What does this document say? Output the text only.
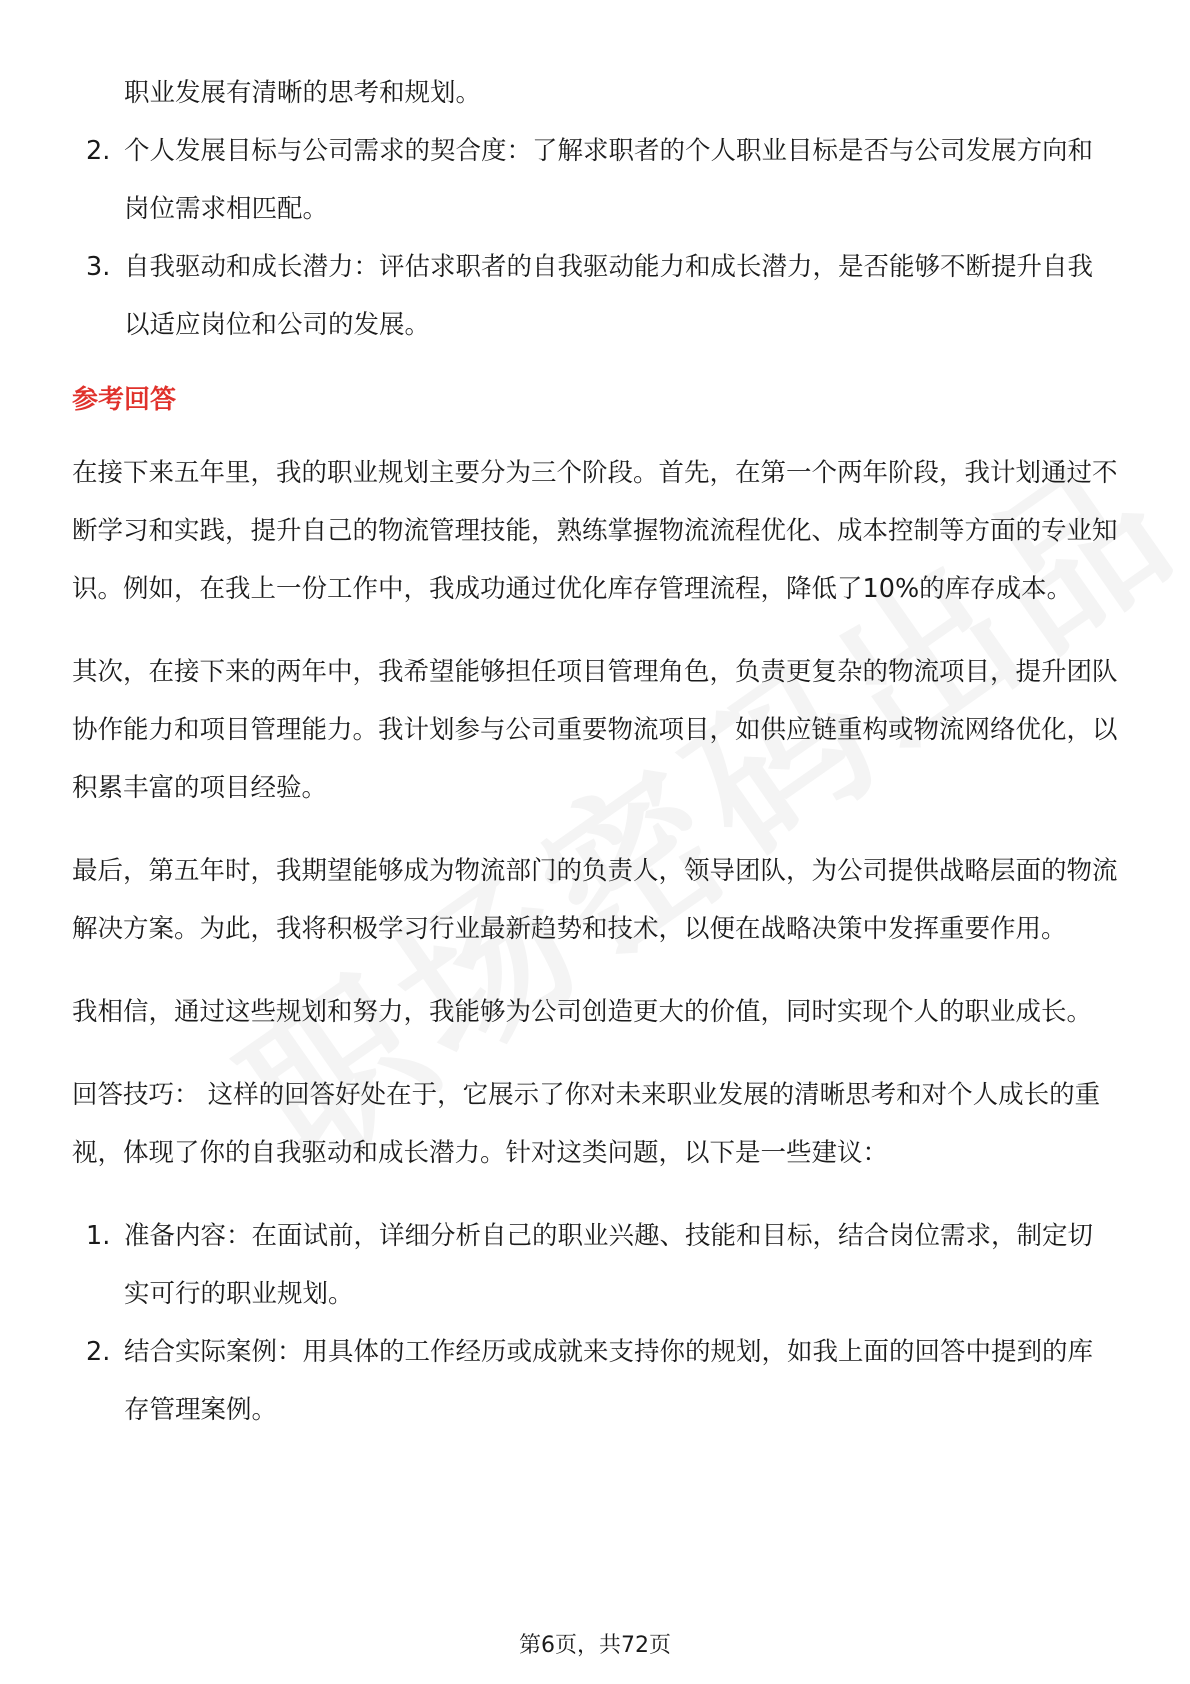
职业发展有清晰的思考和规划。

2. 个人发展目标与公司需求的契合度：了解求职者的个人职业目标是否与公司发展方向和岗位需求相匹配。
3. 自我驱动和成长潜力：评估求职者的自我驱动能力和成长潜力，是否能够不断提升自我以适应岗位和公司的发展。
参考回答

在接下来五年里，我的职业规划主要分为三个阶段。首先，在第一个两年阶段，我计划通过不断学习和实践，提升自己的物流管理技能，熟练掌握物流流程优化、成本控制等方面的专业知识。例如，在我上一份工作中，我成功通过优化库存管理流程，降低了10%的库存成本。

其次，在接下来的两年中，我希望能够担任项目管理角色，负责更复杂的物流项目，提升团队协作能力和项目管理能力。我计划参与公司重要物流项目，如供应链重构或物流网络优化，以积累丰富的项目经验。

最后，第五年时，我期望能够成为物流部门的负责人，领导团队，为公司提供战略层面的物流解决方案。为此，我将积极学习行业最新趋势和技术，以便在战略决策中发挥重要作用。

我相信，通过这些规划和努力，我能够为公司创造更大的价值，同时实现个人的职业成长。

回答技巧： 这样的回答好处在于，它展示了你对未来职业发展的清晰思考和对个人成长的重视，体现了你的自我驱动和成长潜力。针对这类问题，以下是一些建议：

1. 准备内容：在面试前，详细分析自己的职业兴趣、技能和目标，结合岗位需求，制定切实可行的职业规划。
2. 结合实际案例：用具体的工作经历或成就来支持你的规划，如我上面的回答中提到的库存管理案例。
第6页，共72页
